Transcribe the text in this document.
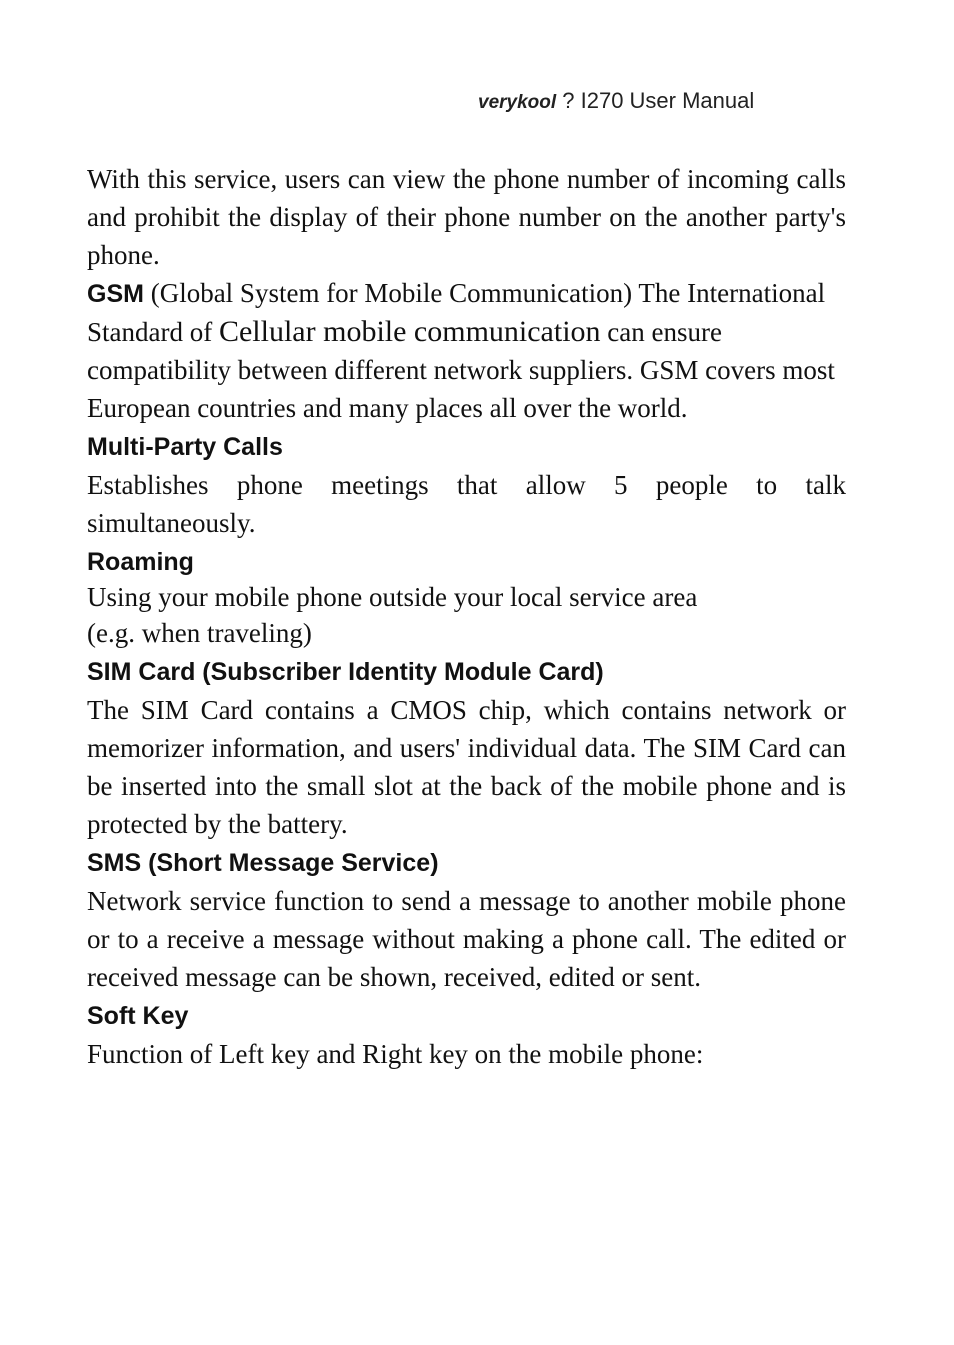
verykool ? I270 User Manual

With this service, users can view the phone number of incoming calls and prohibit the display of their phone number on the another party's phone.

GSM (Global System for Mobile Communication) The International Standard of Cellular mobile communication can ensure compatibility between different network suppliers. GSM covers most European countries and many places all over the world.

Multi-Party Calls

Establishes phone meetings that allow 5 people to talk simultaneously.

Roaming

Using your mobile phone outside your local service area

(e.g. when traveling)

SIM Card (Subscriber Identity Module Card)

The SIM Card contains a CMOS chip, which contains network or memorizer information, and users' individual data. The SIM Card can be inserted into the small slot at the back of the mobile phone and is protected by the battery.

SMS (Short Message Service)

Network service function to send a message to another mobile phone or to a receive a message without making a phone call. The edited or received message can be shown, received, edited or sent.

Soft Key

Function of Left key and Right key on the mobile phone:
